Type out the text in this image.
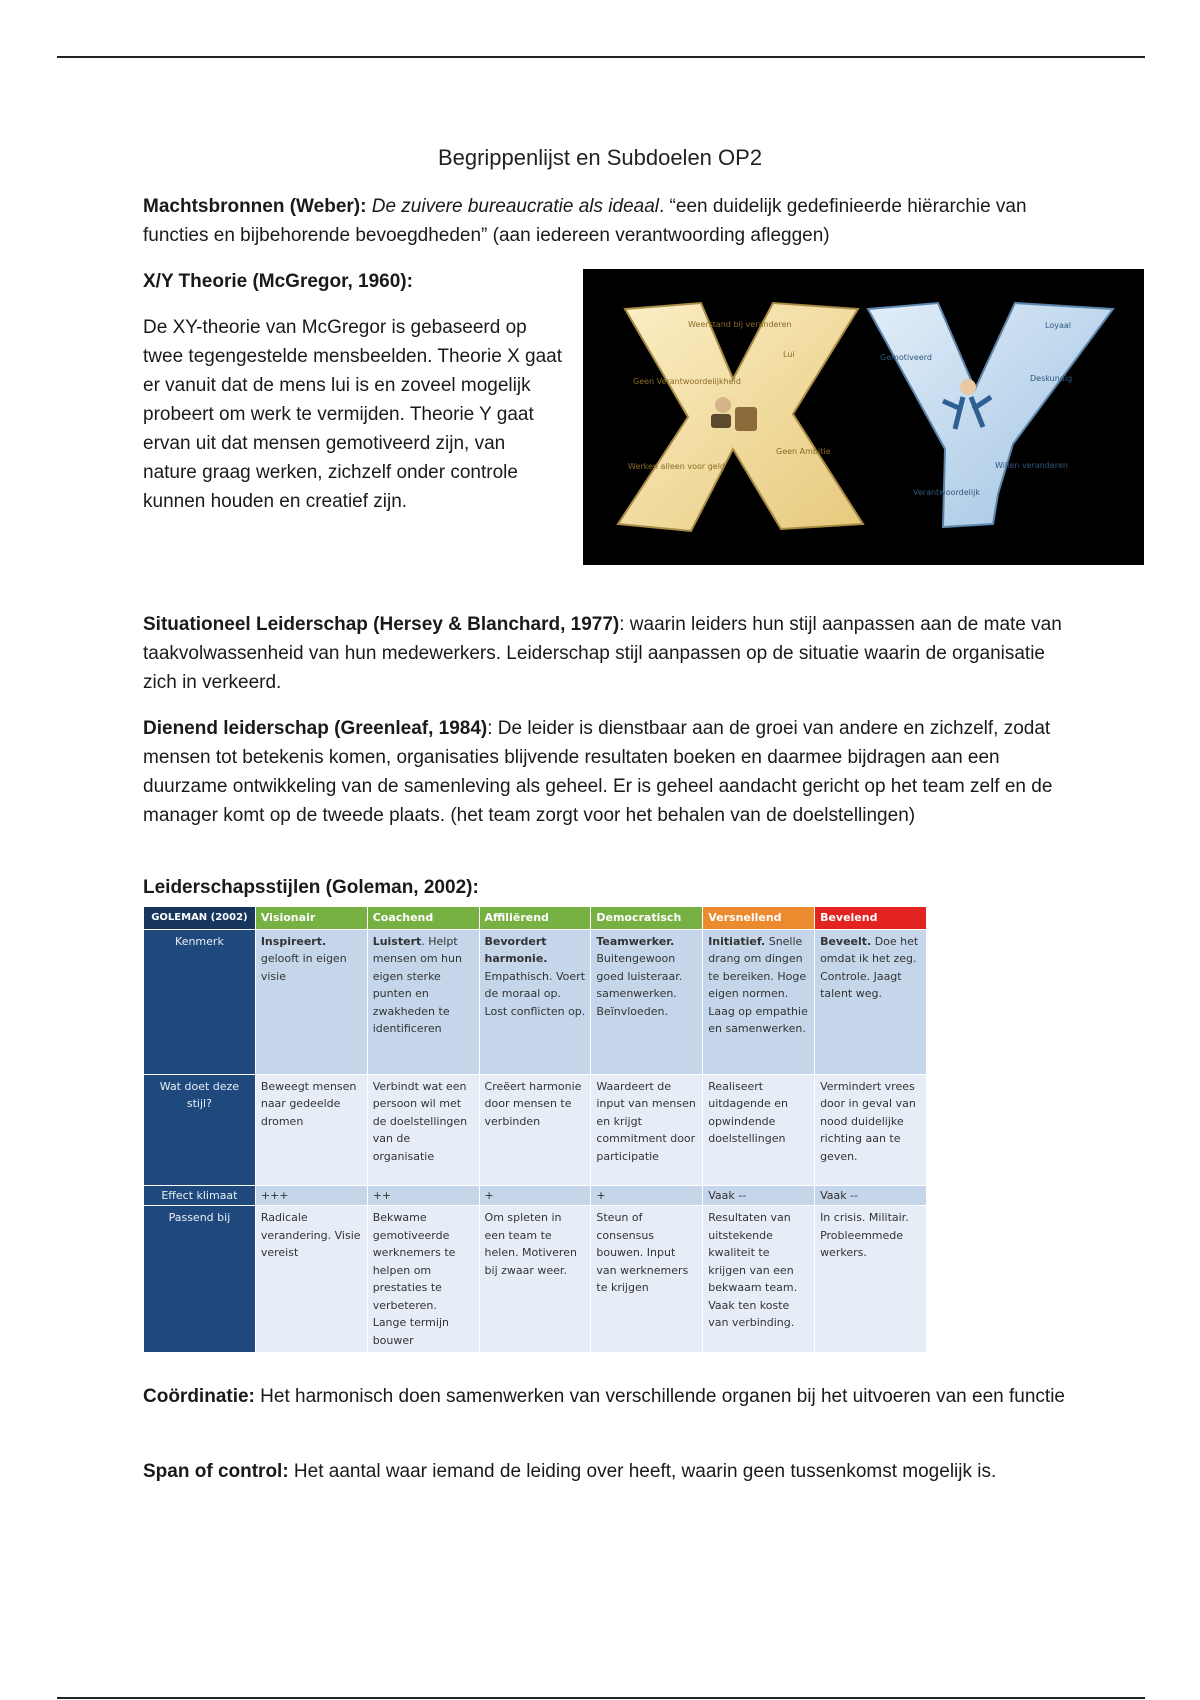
Begrippenlijst en Subdoelen OP2

Machtsbronnen (Weber): De zuivere bureaucratie als ideaal. “een duidelijk gedefinieerde hiërarchie van functies en bijbehorende bevoegdheden” (aan iedereen verantwoording afleggen)

X/Y Theorie (McGregor, 1960):

De XY-theorie van McGregor is gebaseerd op twee tegengestelde mensbeelden. Theorie X gaat er vanuit dat de mens lui is en zoveel mogelijk probeert om werk te vermijden. Theorie Y gaat ervan uit dat mensen gemotiveerd zijn, van nature graag werken, zichzelf onder controle kunnen houden en creatief zijn.

Weerstand bij veranderen
Lui
Geen Verantwoordelijkheid
Geen Ambitie
Werken alleen voor geld
Loyaal
Gemotiveerd
Deskundig
Willen veranderen
Verantwoordelijk

Situationeel Leiderschap (Hersey & Blanchard, 1977): waarin leiders hun stijl aanpassen aan de mate van taakvolwassenheid van hun medewerkers. Leiderschap stijl aanpassen op de situatie waarin de organisatie zich in verkeerd.

Dienend leiderschap (Greenleaf, 1984): De leider is dienstbaar aan de groei van andere en zichzelf, zodat mensen tot betekenis komen, organisaties blijvende resultaten boeken en daarmee bijdragen aan een duurzame ontwikkeling van de samenleving als geheel. Er is geheel aandacht gericht op het team zelf en de manager komt op de tweede plaats. (het team zorgt voor het behalen van de doelstellingen)

Leiderschapsstijlen (Goleman, 2002):

GOLEMAN (2002)	Visionair	Coachend	Affiliërend	Democratisch	Versnellend	Bevelend
Kenmerk	Inspireert. gelooft in eigen visie	Luistert. Helpt mensen om hun eigen sterke punten en zwakheden te identificeren	Bevordert harmonie. Empathisch. Voert de moraal op. Lost conflicten op.	Teamwerker. Buitengewoon goed luisteraar. samenwerken. Beïnvloeden.	Initiatief. Snelle drang om dingen te bereiken. Hoge eigen normen. Laag op empathie en samenwerken.	Beveelt. Doe het omdat ik het zeg. Controle. Jaagt talent weg.
Wat doet deze stijl?	Beweegt mensen naar gedeelde dromen	Verbindt wat een persoon wil met de doelstellingen van de organisatie	Creëert harmonie door mensen te verbinden	Waardeert de input van mensen en krijgt commitment door participatie	Realiseert uitdagende en opwindende doelstellingen	Vermindert vrees door in geval van nood duidelijke richting aan te geven.
Effect klimaat	+++	++	+	+	Vaak --	Vaak --
Passend bij	Radicale verandering. Visie vereist	Bekwame gemotiveerde werknemers te helpen om prestaties te verbeteren. Lange termijn bouwer	Om spleten in een team te helen. Motiveren bij zwaar weer.	Steun of consensus bouwen. Input van werknemers te krijgen	Resultaten van uitstekende kwaliteit te krijgen van een bekwaam team. Vaak ten koste van verbinding.	In crisis. Militair. Probleemmede werkers.

Coördinatie: Het harmonisch doen samenwerken van verschillende organen bij het uitvoeren van een functie

Span of control: Het aantal waar iemand de leiding over heeft, waarin geen tussenkomst mogelijk is.
